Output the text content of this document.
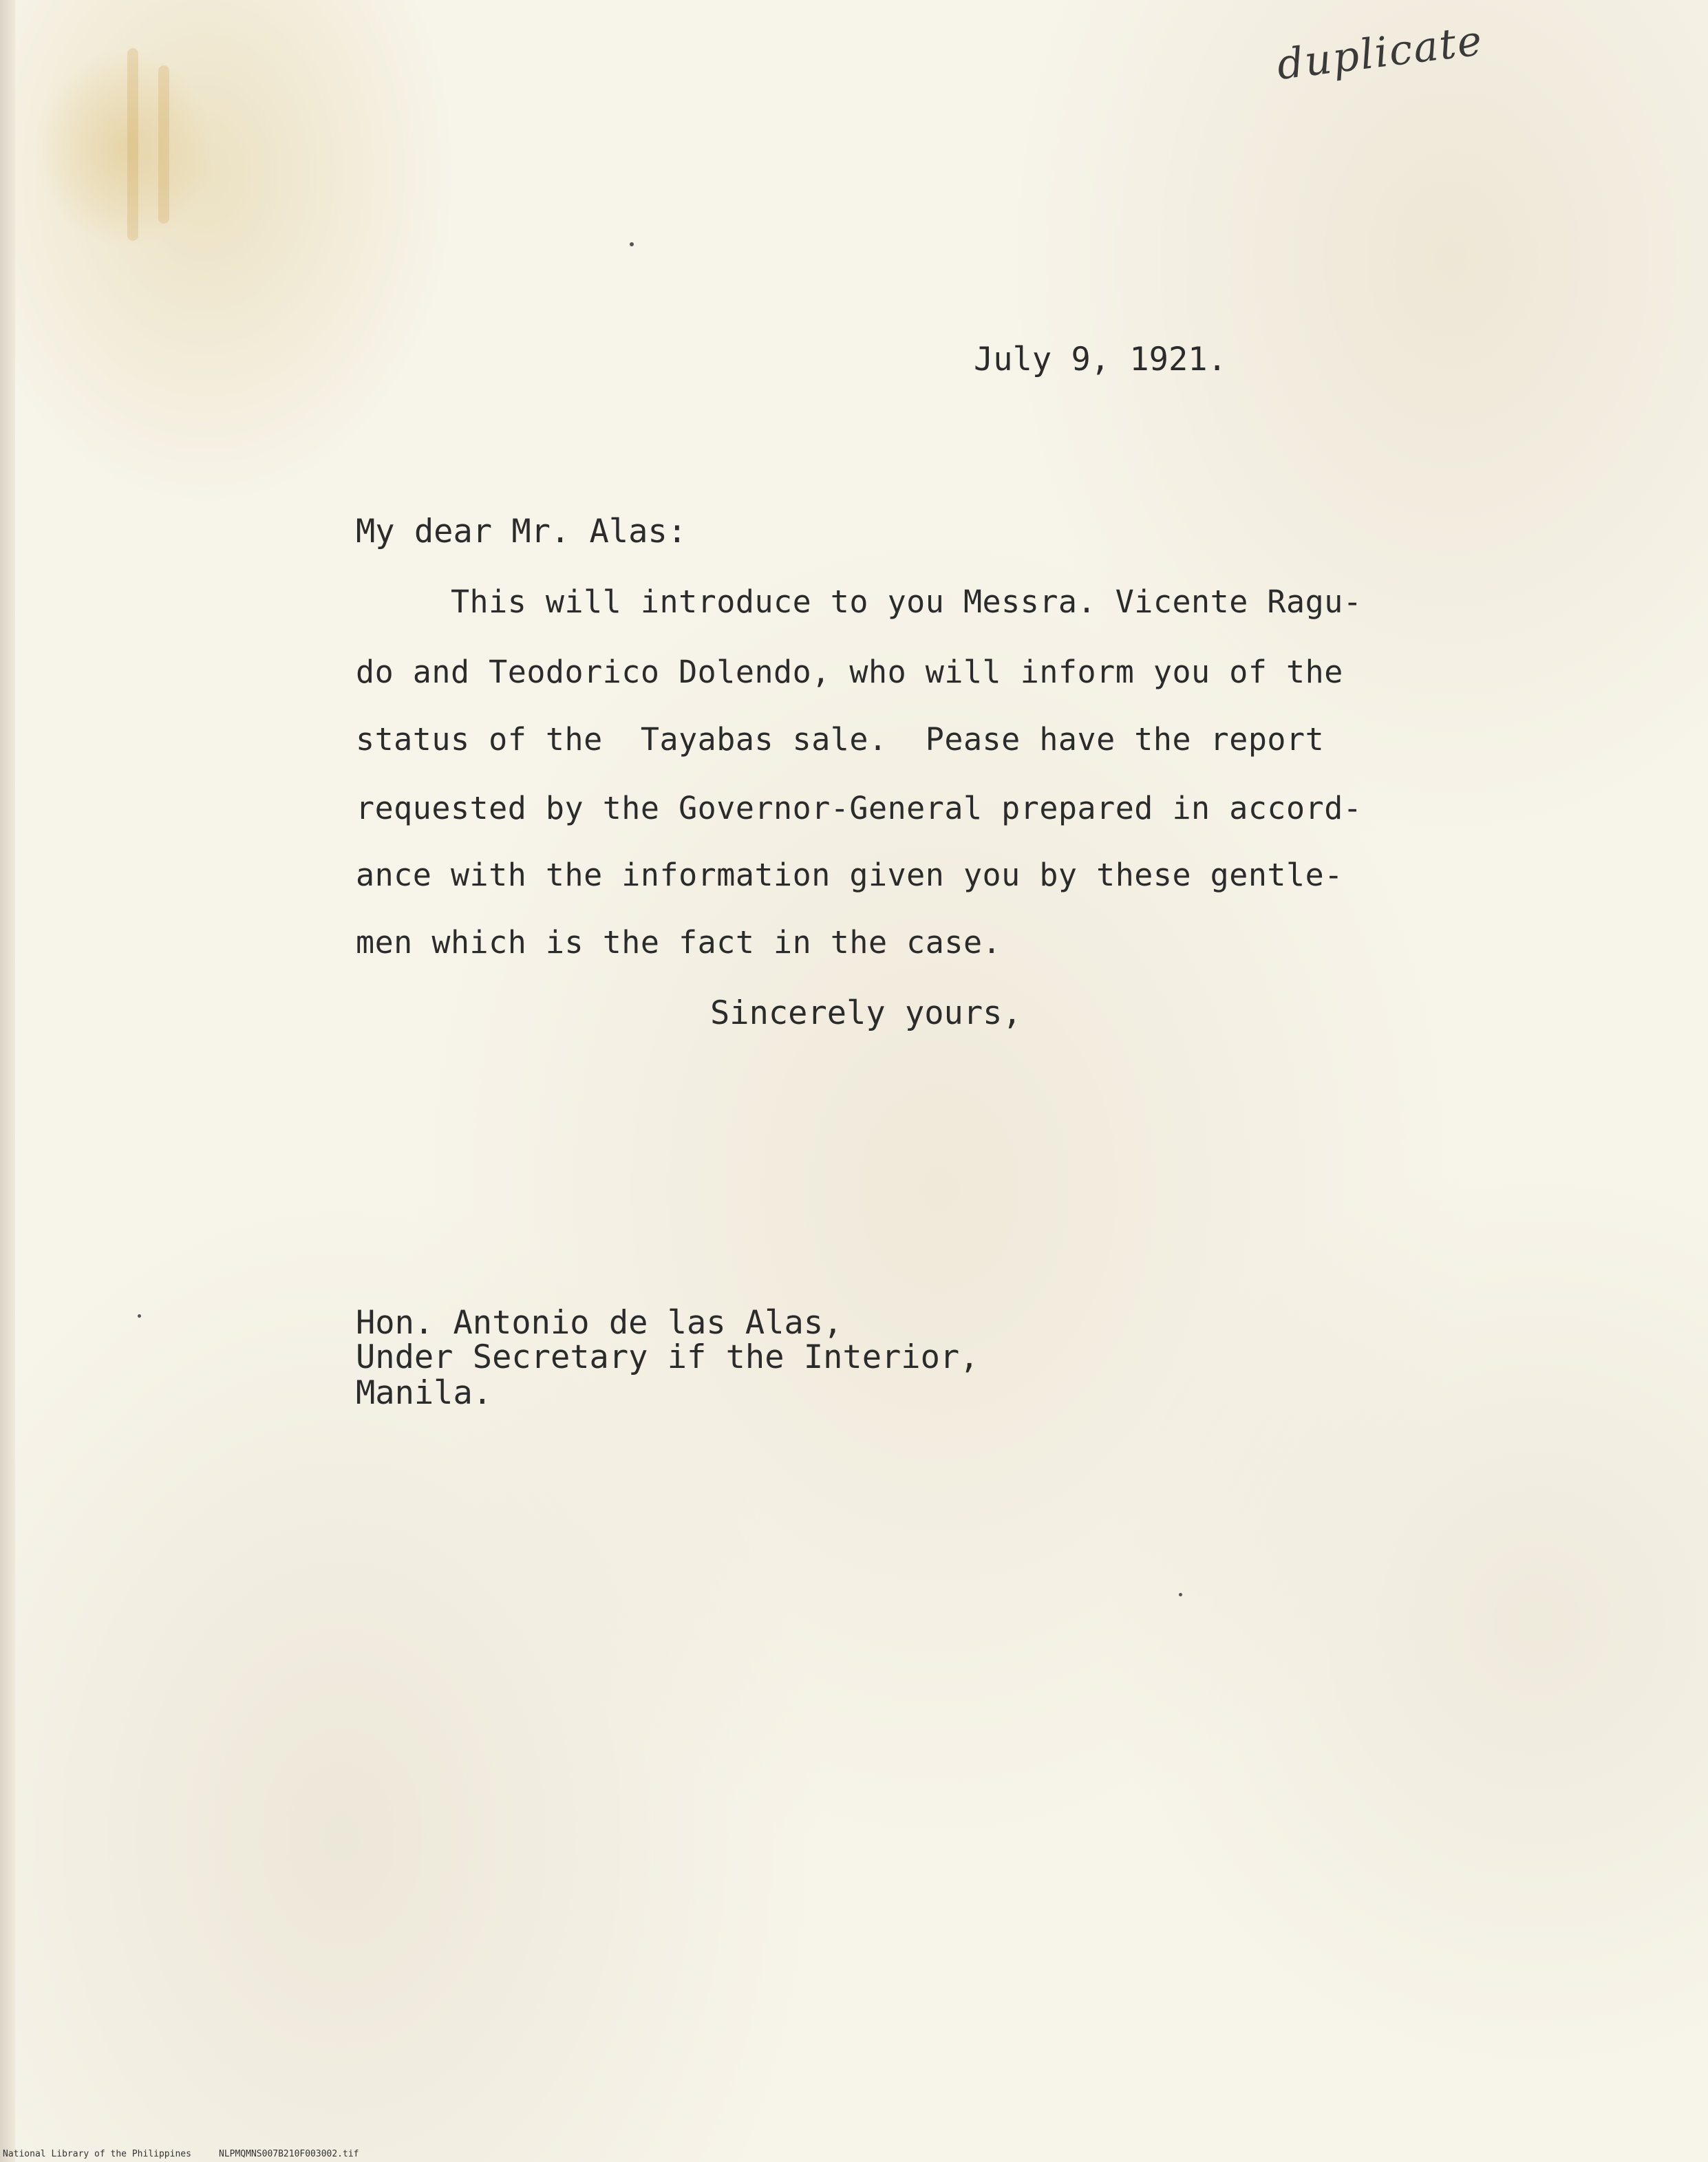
duplicate
July 9, 1921.
My dear Mr. Alas:
This will introduce to you Messra. Vicente Ragu-
do and Teodorico Dolendo, who will inform you of the
status of the  Tayabas sale.  Pease have the report
requested by the Governor-General prepared in accord-
ance with the information given you by these gentle-
men which is the fact in the case.
Sincerely yours,
Hon. Antonio de las Alas,
Under Secretary if the Interior,
Manila.

National Library of the Philippines

	NLPMQMNS007B210F003002.tif
